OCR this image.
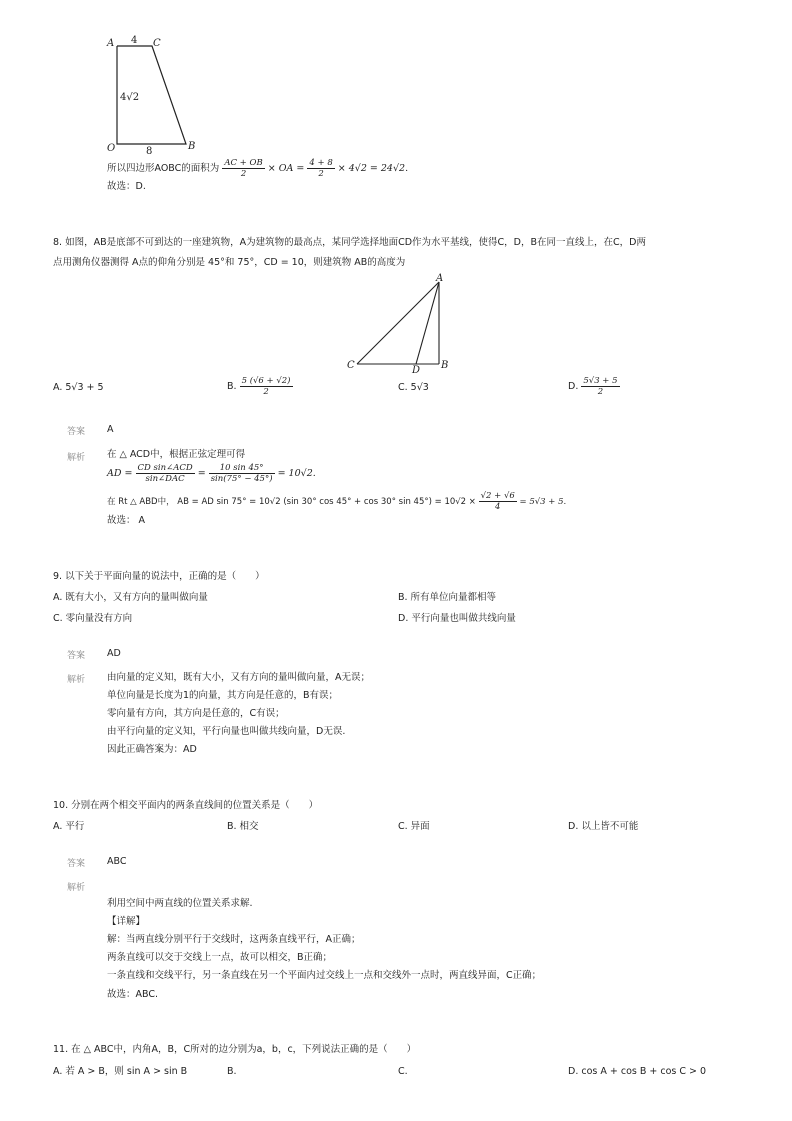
A	C
4
4√2
O	8	B
所以四边形AOBC的面积为 $\frac{AC + OB}{2}$ × OA = $\frac{4 + 8}{2} \times 4√2 = 24√2$.
故选：D.
8. 如图，AB是底部不可到达的一座建筑物，A为建筑物的最高点，某同学选择地面CD作为水平基线，使得C，D，B在同一直线上，在C，D两
点用测角仪器测得 A点的仰角分别是 45°和 75°，CD = 10，则建筑物 AB的高度为
A
C	D B
A. 5√3 + 5	B. $\frac{5 (√6 + √2)}{2}$	C. 5√3	D. $\frac{5√3 + 5}{2}$
答案 A
解析 在 △ ACD中，根据正弦定理可得
AD = $\frac{\text{CD sin∠ACD}}{\text{sin∠DAC}} = \frac{10 \sin 45^\circ}{\sin(75^\circ - 45^\circ)} = 10√2$.
在 Rt △ ABD中， AB = AD sin 75° = 10√2 (sin 30° cos 45° + cos 30° $\sin 45^\circ) = 10√2 \times \frac{√2 + √6}{4} = 5√3 + 5$.
故选： A
9. 以下关于平面向量的说法中，正确的是（　　）
A. 既有大小，又有方向的量叫做向量	B. 所有单位向量都相等
C. 零向量没有方向	D. 平行向量也叫做共线向量
答案 AD
解析 由向量的定义知，既有大小，又有方向的量叫做向量，A无误；
单位向量是长度为1的向量，其方向是任意的，B有误；
零向量有方向，其方向是任意的，C有误；
由平行向量的定义知，平行向量也叫做共线向量，D无误.
因此正确答案为：AD
10. 分别在两个相交平面内的两条直线间的位置关系是（　　）
A. 平行	B. 相交	C. 异面	D. 以上皆不可能
答案 ABC
解析
利用空间中两直线的位置关系求解.
【详解】
解：当两直线分别平行于交线时，这两条直线平行，A正确；
两条直线可以交于交线上一点，故可以相交，B正确；
一条直线和交线平行，另一条直线在另一个平面内过交线上一点和交线外一点时，两直线异面，C正确；
故选：ABC.
11. 在 △ ABC中，内角A，B，C所对的边分别为a，b，c，下列说法正确的是（　　）
A. 若 A > B，则 sin A > sin B	B.	C.	D. cos A + cos B + cos C > 0
